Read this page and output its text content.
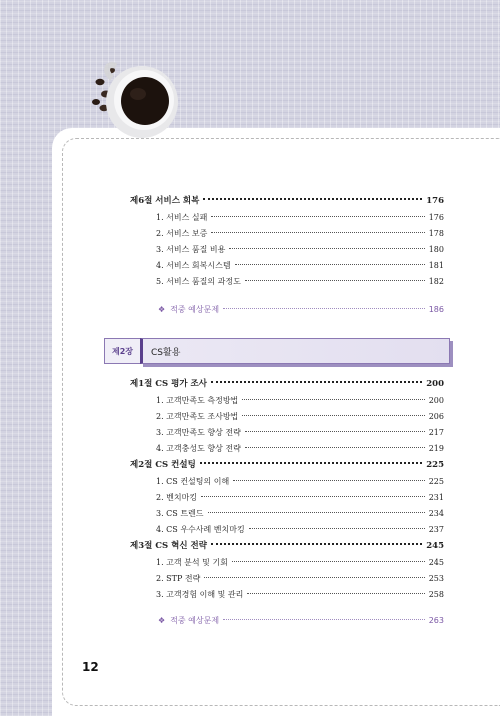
제6절 서비스 회복	176
1. 서비스 실패	176
2. 서비스 보증	178
3. 서비스 품질 비용	180
4. 서비스 회복시스템	181
5. 서비스 품질의 과정도	182
❖ 적중 예상문제	186
제2장	CS활용
제1절 CS 평가 조사	200
1. 고객만족도 측정방법	200
2. 고객만족도 조사방법	206
3. 고객만족도 향상 전략	217
4. 고객충성도 향상 전략	219
제2절 CS 컨설팅	225
1. CS 컨설팅의 이해	225
2. 벤치마킹	231
3. CS 트렌드	234
4. CS 우수사례 벤치마킹	237
제3절 CS 혁신 전략	245
1. 고객 분석 및 기회	245
2. STP 전략	253
3. 고객경험 이해 및 관리	258
❖ 적중 예상문제	263
12
